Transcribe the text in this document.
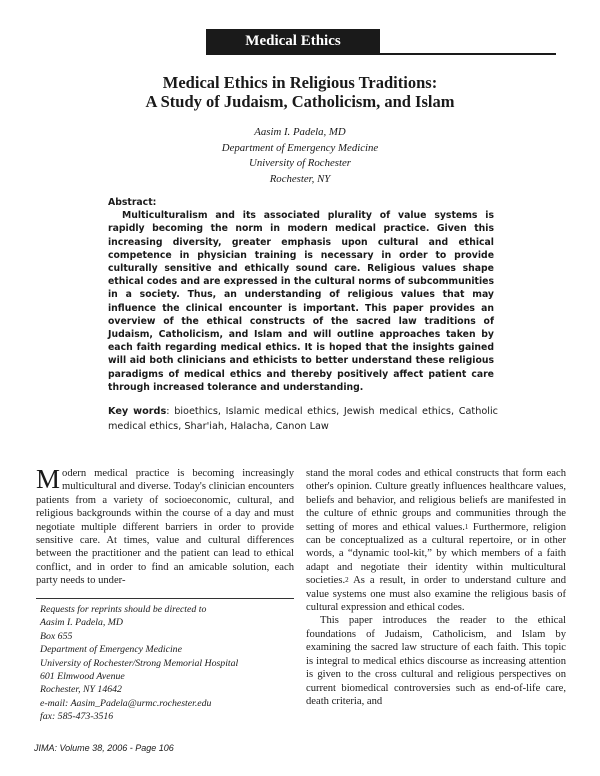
Medical Ethics
Medical Ethics in Religious Traditions:
A Study of Judaism, Catholicism, and Islam
Aasim I. Padela, MD
Department of Emergency Medicine
University of Rochester
Rochester, NY
Abstract:
Multiculturalism and its associated plurality of value systems is rapidly becoming the norm in modern medical practice. Given this increasing diversity, greater emphasis upon cultural and ethical competence in physician training is necessary in order to provide culturally sensitive and ethically sound care. Religious values shape ethical codes and are expressed in the cultural norms of subcommunities in a society. Thus, an understanding of religious values that may influence the clinical encounter is important. This paper provides an overview of the ethical constructs of the sacred law traditions of Judaism, Catholicism, and Islam and will outline approaches taken by each faith regarding medical ethics. It is hoped that the insights gained will aid both clinicians and ethicists to better understand these religious paradigms of medical ethics and thereby positively affect patient care through increased tolerance and understanding.
Key words: bioethics, Islamic medical ethics, Jewish medical ethics, Catholic medical ethics, Shar'iah, Halacha, Canon Law

Modern medical practice is becoming increasingly multicultural and diverse. Today's clinician encounters patients from a variety of socioeconomic, cultural, and religious backgrounds within the course of a day and must negotiate multiple different barriers in order to provide sensitive care. At times, value and cultural differences between the practitioner and the patient can lead to ethical conflict, and in order to find an amicable solution, each party needs to under-

Requests for reprints should be directed to
Aasim I. Padela, MD
Box 655
Department of Emergency Medicine
University of Rochester/Strong Memorial Hospital
601 Elmwood Avenue
Rochester, NY 14642
e-mail: Aasim_Padela@urmc.rochester.edu
fax: 585-473-3516

stand the moral codes and ethical constructs that form each other's opinion. Culture greatly influences healthcare values, beliefs and behavior, and religious beliefs are manifested in the culture of ethnic groups and communities through the setting of mores and ethical values.$^1$ Furthermore, religion can be conceptualized as a cultural repertoire, or in other words, a “dynamic tool-kit,” by which members of a faith adapt and negotiate their identity within multicultural societies.$^2$ As a result, in order to understand culture and value systems one must also examine the religious basis of cultural expression and ethical codes.

This paper introduces the reader to the ethical foundations of Judaism, Catholicism, and Islam by examining the sacred law structure of each faith. This topic is integral to medical ethics discourse as increasing attention is given to the cross cultural and religious perspectives on current biomedical controversies such as end-of-life care, death criteria, and

JIMA: Volume 38, 2006 - Page 106
